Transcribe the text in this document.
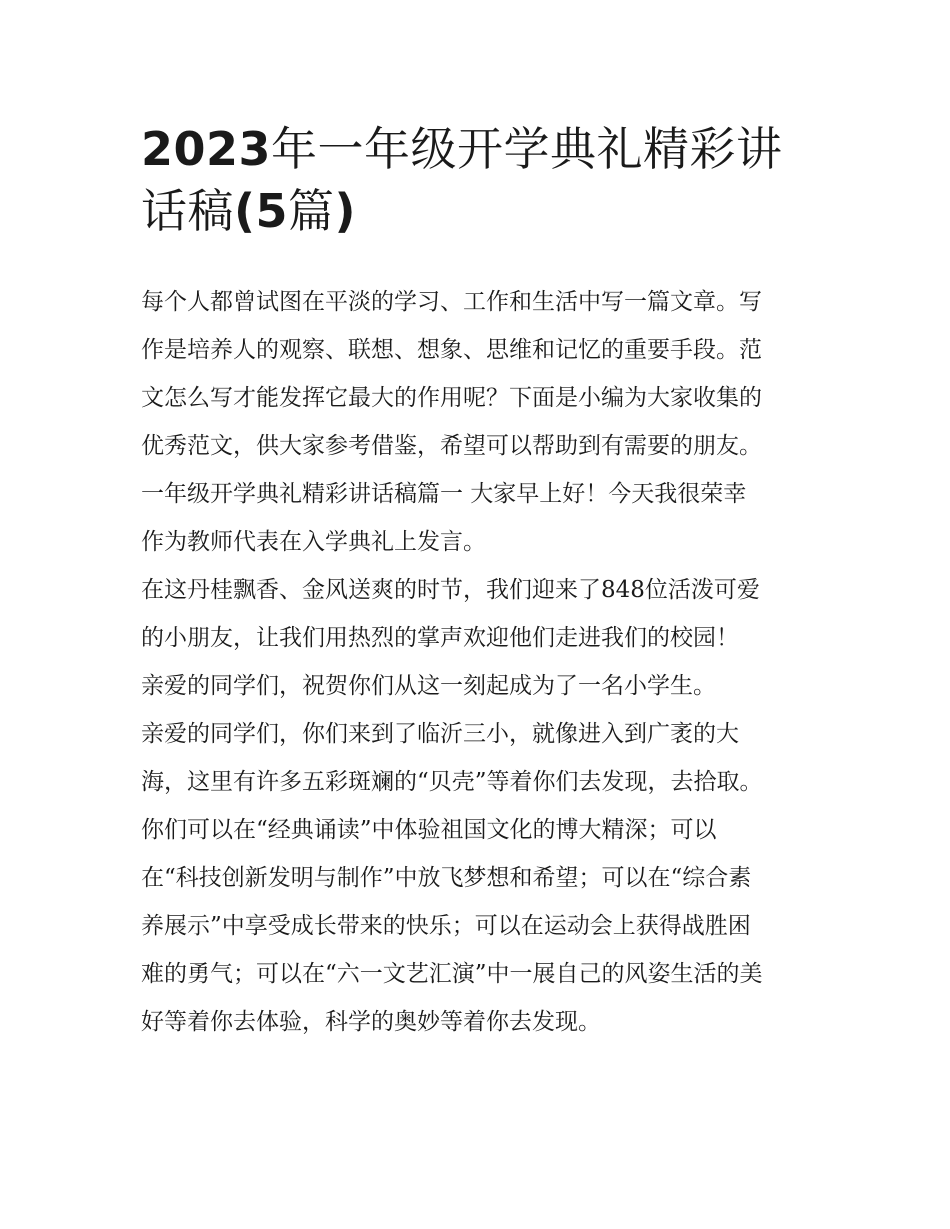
2023年一年级开学典礼精彩讲
话稿(5篇)
每个人都曾试图在平淡的学习、工作和生活中写一篇文章。写
作是培养人的观察、联想、想象、思维和记忆的重要手段。范
文怎么写才能发挥它最大的作用呢？下面是小编为大家收集的
优秀范文，供大家参考借鉴，希望可以帮助到有需要的朋友。
一年级开学典礼精彩讲话稿篇一 大家早上好！今天我很荣幸
作为教师代表在入学典礼上发言。
在这丹桂飘香、金风送爽的时节，我们迎来了848位活泼可爱
的小朋友，让我们用热烈的掌声欢迎他们走进我们的校园！
亲爱的同学们，祝贺你们从这一刻起成为了一名小学生。
亲爱的同学们，你们来到了临沂三小，就像进入到广袤的大
海，这里有许多五彩斑斓的“贝壳”等着你们去发现，去拾取。
你们可以在“经典诵读”中体验祖国文化的博大精深；可以
在“科技创新发明与制作”中放飞梦想和希望；可以在“综合素
养展示”中享受成长带来的快乐；可以在运动会上获得战胜困
难的勇气；可以在“六一文艺汇演”中一展自己的风姿生活的美
好等着你去体验，科学的奥妙等着你去发现。
